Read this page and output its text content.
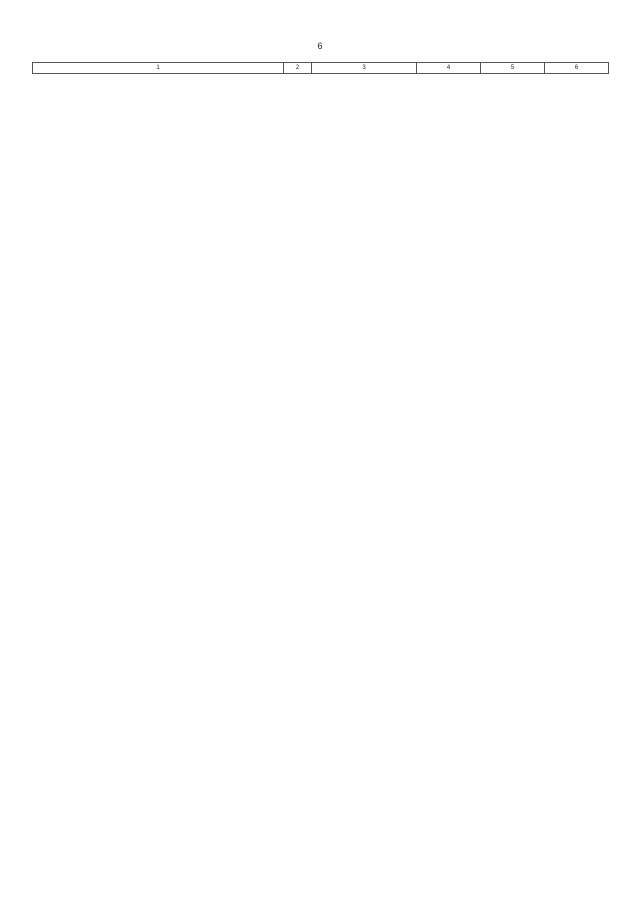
6
1	2	3	4	5	6
